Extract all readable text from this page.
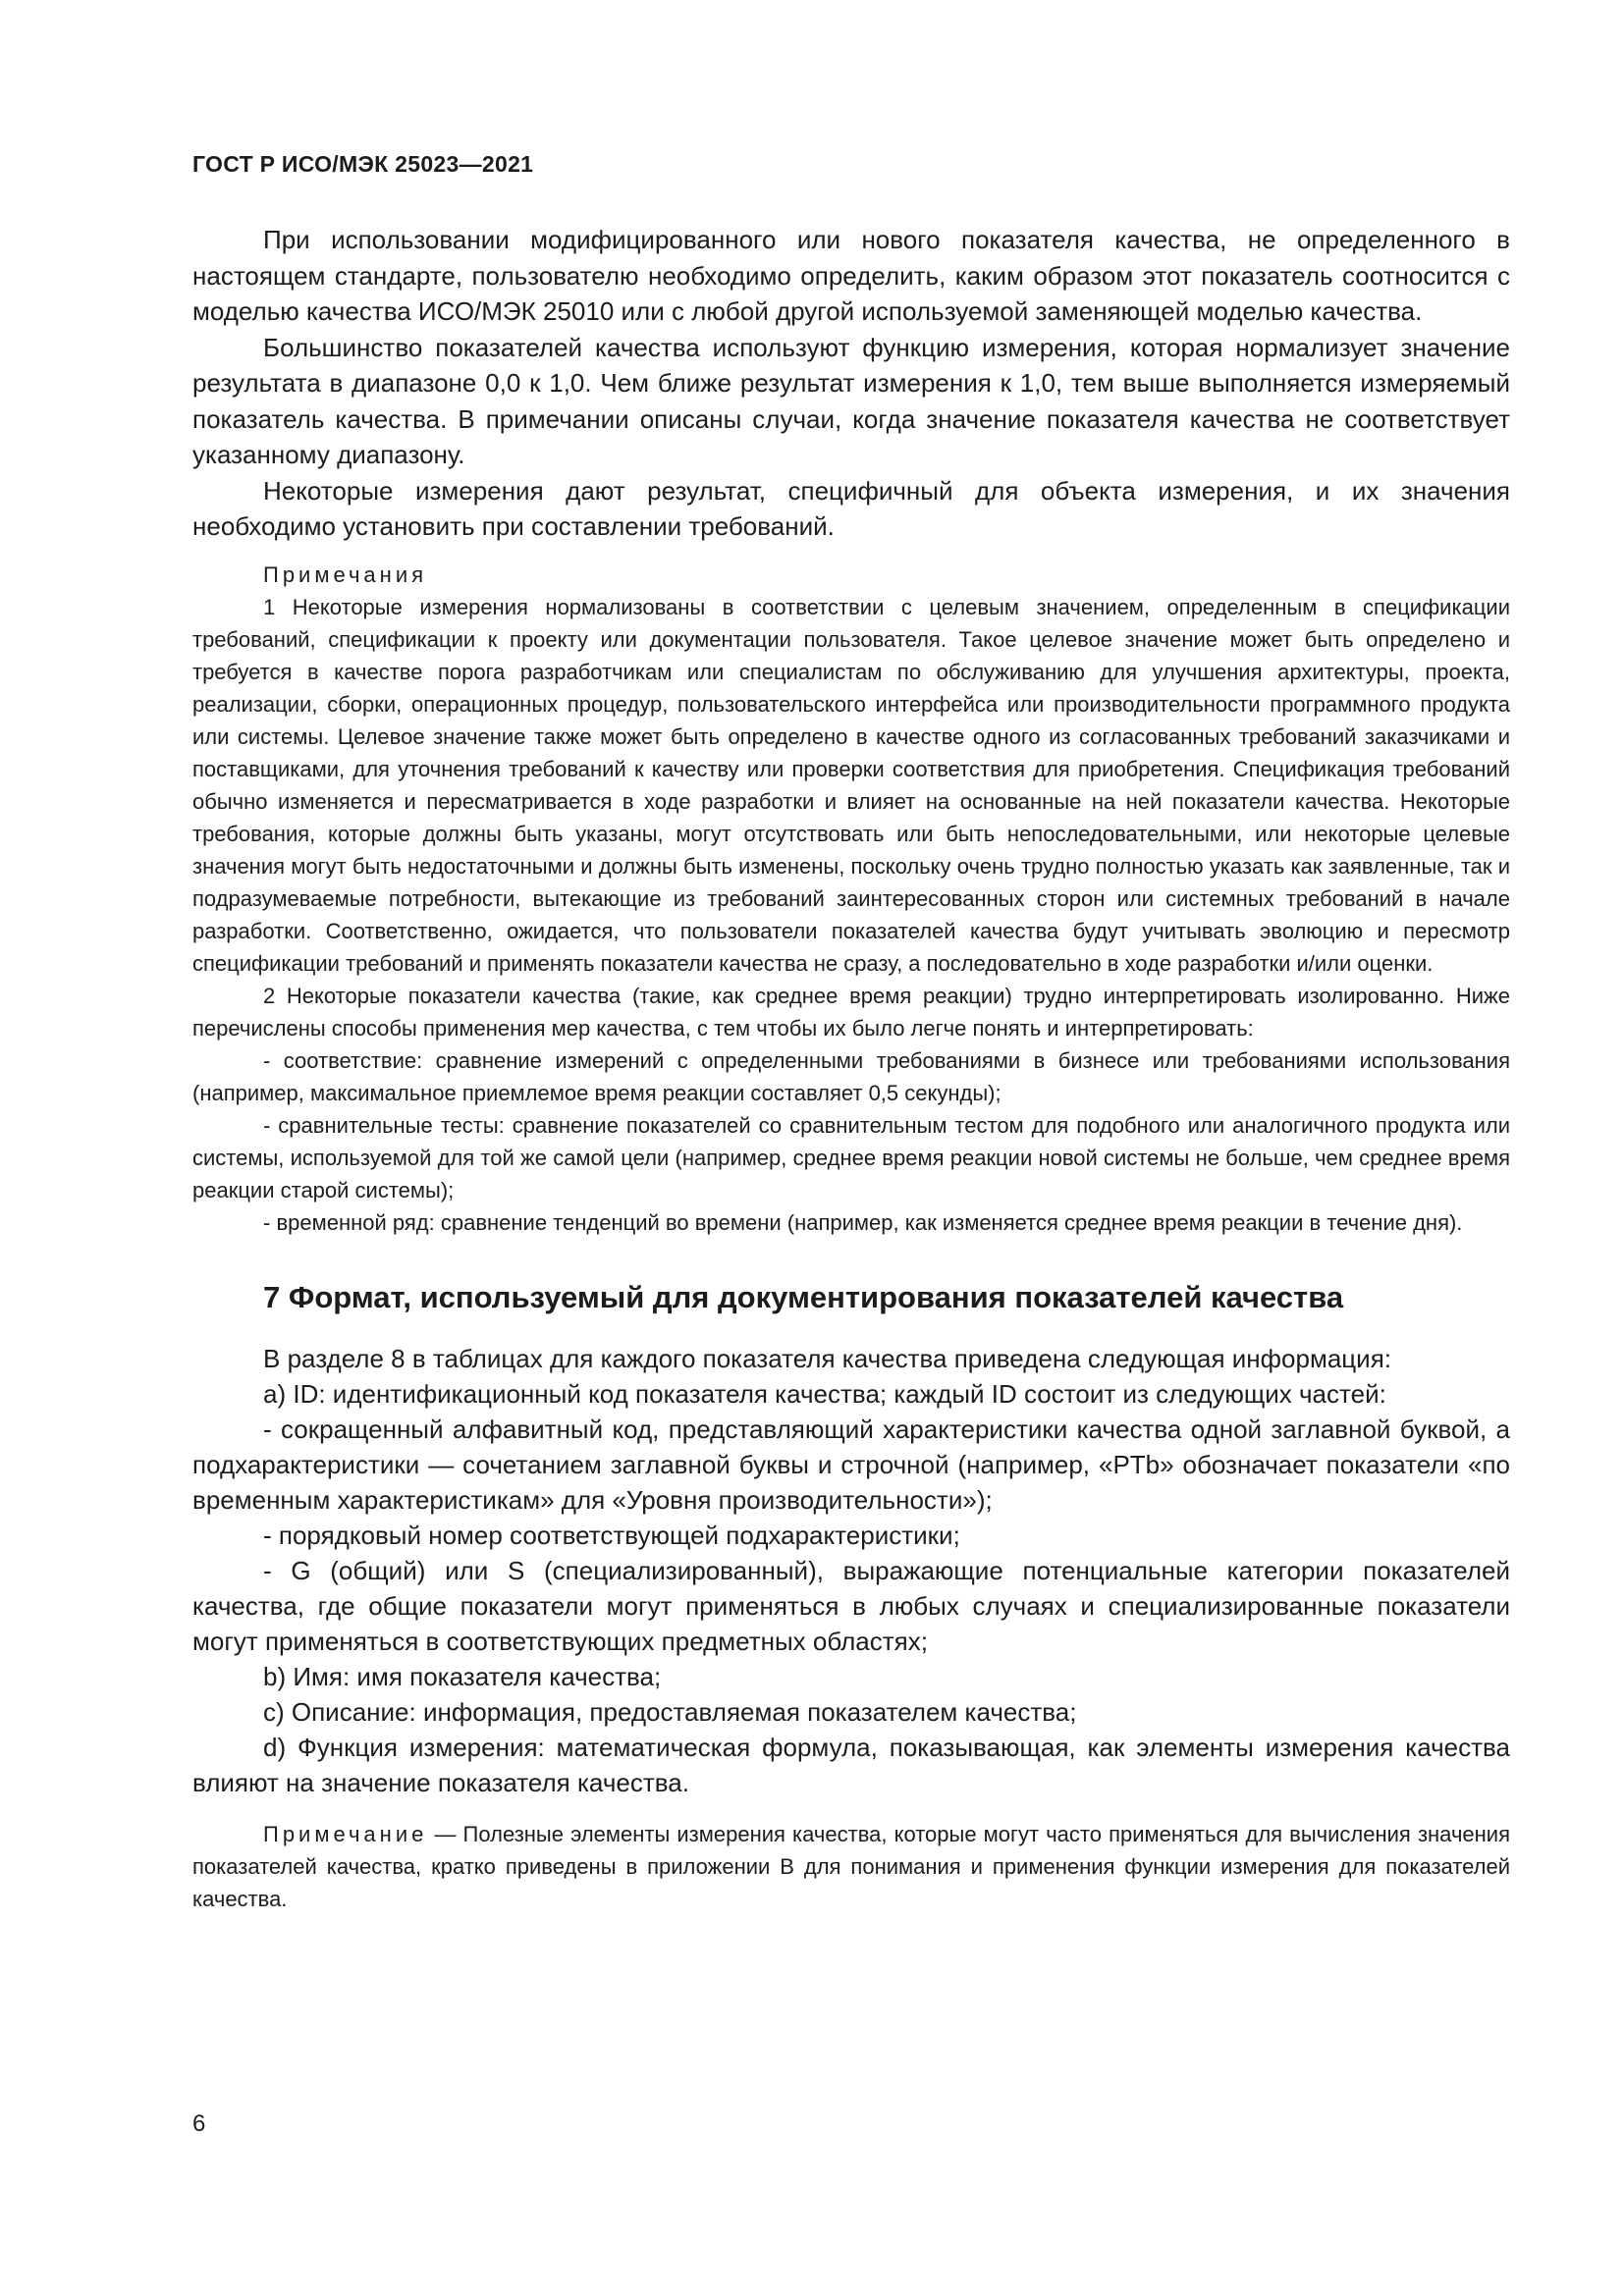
ГОСТ Р ИСО/МЭК 25023—2021

При использовании модифицированного или нового показателя качества, не определенного в настоящем стандарте, пользователю необходимо определить, каким образом этот показатель соотносится с моделью качества ИСО/МЭК 25010 или с любой другой используемой заменяющей моделью качества.

Большинство показателей качества используют функцию измерения, которая нормализует значение результата в диапазоне 0,0 к 1,0. Чем ближе результат измерения к 1,0, тем выше выполняется измеряемый показатель качества. В примечании описаны случаи, когда значение показателя качества не соответствует указанному диапазону.

Некоторые измерения дают результат, специфичный для объекта измерения, и их значения необходимо установить при составлении требований.

Примечания

1 Некоторые измерения нормализованы в соответствии с целевым значением, определенным в спецификации требований, спецификации к проекту или документации пользователя. Такое целевое значение может быть определено и требуется в качестве порога разработчикам или специалистам по обслуживанию для улучшения архитектуры, проекта, реализации, сборки, операционных процедур, пользовательского интерфейса или производительности программного продукта или системы. Целевое значение также может быть определено в качестве одного из согласованных требований заказчиками и поставщиками, для уточнения требований к качеству или проверки соответствия для приобретения. Спецификация требований обычно изменяется и пересматривается в ходе разработки и влияет на основанные на ней показатели качества. Некоторые требования, которые должны быть указаны, могут отсутствовать или быть непоследовательными, или некоторые целевые значения могут быть недостаточными и должны быть изменены, поскольку очень трудно полностью указать как заявленные, так и подразумеваемые потребности, вытекающие из требований заинтересованных сторон или системных требований в начале разработки. Соответственно, ожидается, что пользователи показателей качества будут учитывать эволюцию и пересмотр спецификации требований и применять показатели качества не сразу, а последовательно в ходе разработки и/или оценки.

2 Некоторые показатели качества (такие, как среднее время реакции) трудно интерпретировать изолированно. Ниже перечислены способы применения мер качества, с тем чтобы их было легче понять и интерпретировать:

- соответствие: сравнение измерений с определенными требованиями в бизнесе или требованиями использования (например, максимальное приемлемое время реакции составляет 0,5 секунды);

- сравнительные тесты: сравнение показателей со сравнительным тестом для подобного или аналогичного продукта или системы, используемой для той же самой цели (например, среднее время реакции новой системы не больше, чем среднее время реакции старой системы);

- временной ряд: сравнение тенденций во времени (например, как изменяется среднее время реакции в течение дня).

7 Формат, используемый для документирования показателей качества

В разделе 8 в таблицах для каждого показателя качества приведена следующая информация:

a) ID: идентификационный код показателя качества; каждый ID состоит из следующих частей:

- сокращенный алфавитный код, представляющий характеристики качества одной заглавной буквой, а подхарактеристики — сочетанием заглавной буквы и строчной (например, «PTb» обозначает показатели «по временным характеристикам» для «Уровня производительности»);

- порядковый номер соответствующей подхарактеристики;

- G (общий) или S (специализированный), выражающие потенциальные категории показателей качества, где общие показатели могут применяться в любых случаях и специализированные показатели могут применяться в соответствующих предметных областях;

b) Имя: имя показателя качества;

c) Описание: информация, предоставляемая показателем качества;

d) Функция измерения: математическая формула, показывающая, как элементы измерения качества влияют на значение показателя качества.

Примечание — Полезные элементы измерения качества, которые могут часто применяться для вычисления значения показателей качества, кратко приведены в приложении B для понимания и применения функции измерения для показателей качества.
6
